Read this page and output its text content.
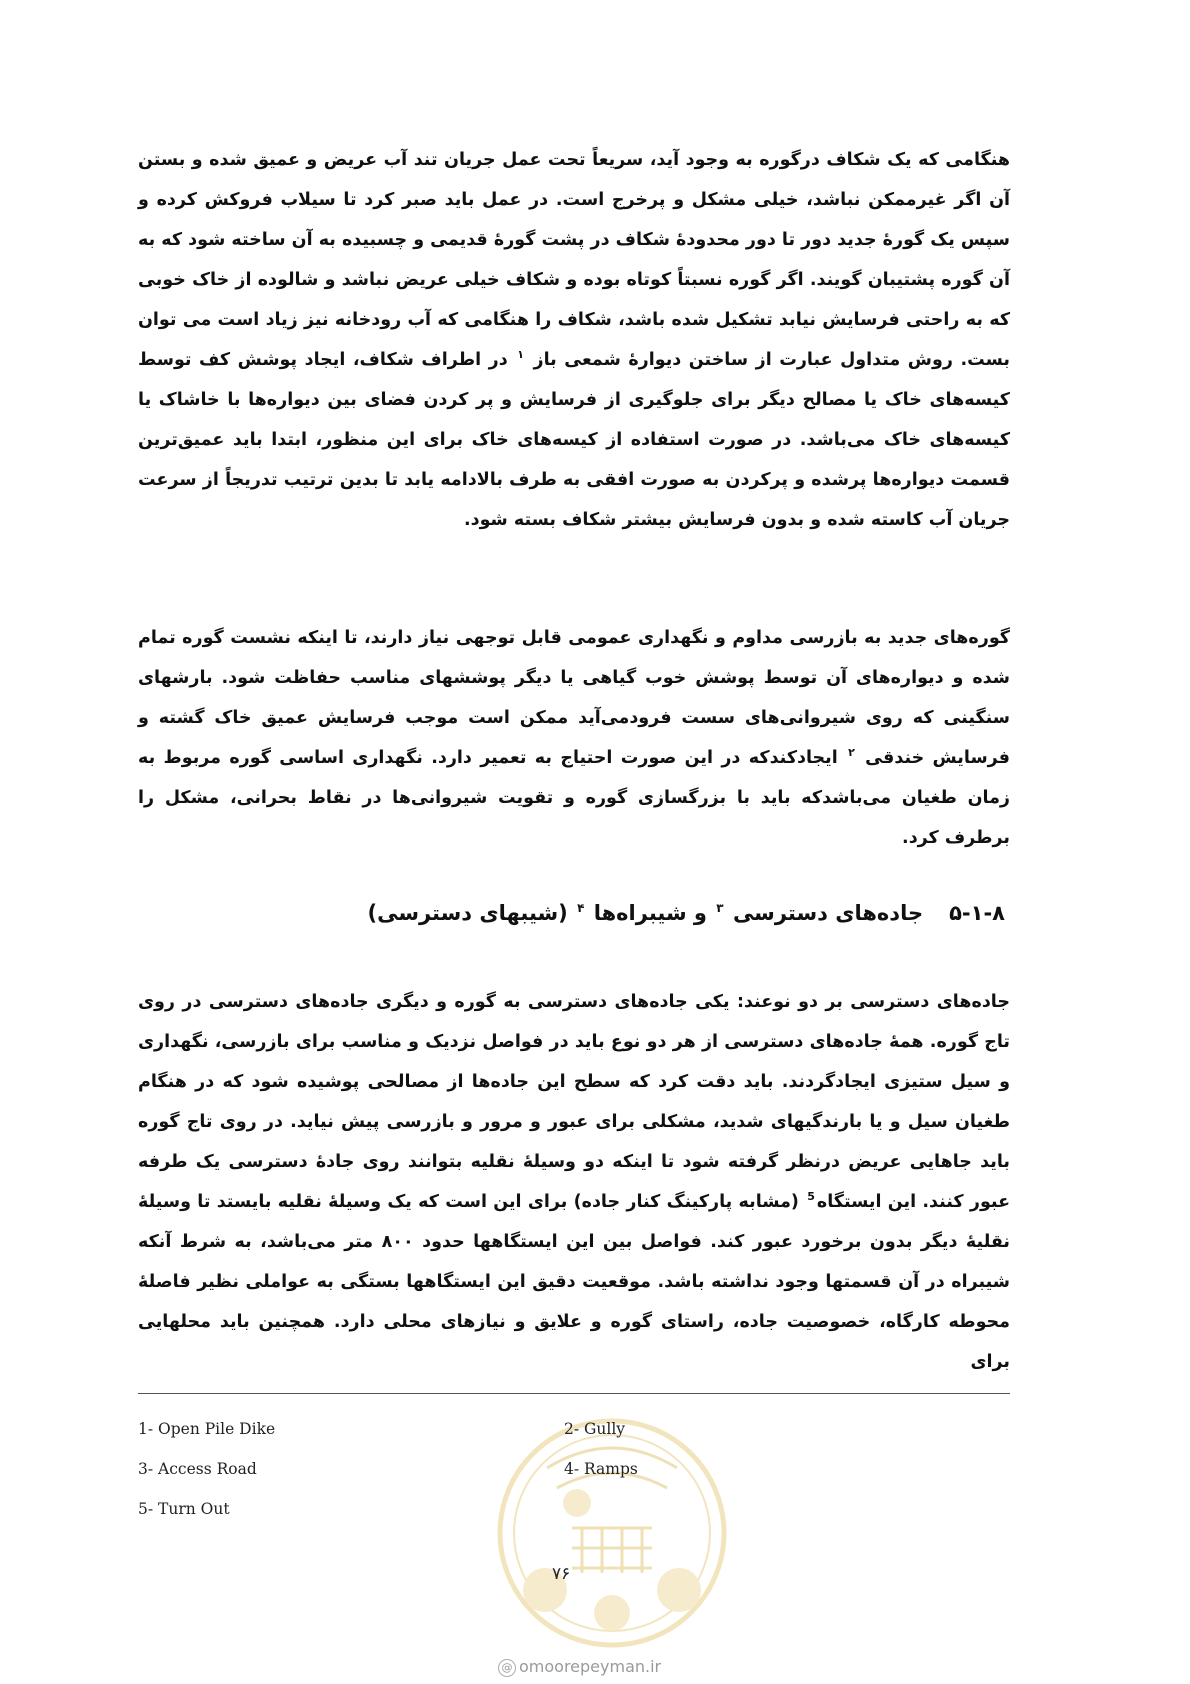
هنگامی که یک شکاف درگوره به وجود آید، سریعاً تحت عمل جریان تند آب عریض و عمیق شده و بستن آن اگر غیرممکن نباشد، خیلی مشکل و پرخرج است. در عمل باید صبر کرد تا سیلاب فروکش کرده و سپس یک گورهٔ جدید دور تا دور محدودهٔ شکاف در پشت گورهٔ قدیمی و چسبیده به آن ساخته شود که به آن گوره پشتیبان گویند. اگر گوره نسبتاً کوتاه بوده و شکاف خیلی عریض نباشد و شالوده از خاک خوبی که به راحتی فرسایش نیابد تشکیل شده باشد، شکاف را هنگامی که آب رودخانه نیز زیاد است می توان بست. روش متداول عبارت از ساختن دیوارهٔ شمعی باز $^۱$ در اطراف شکاف، ایجاد پوشش کف توسط کیسه‌های خاک یا مصالح دیگر برای جلوگیری از فرسایش و پر کردن فضای بین دیواره‌ها با خاشاک یا کیسه‌های خاک می‌باشد. در صورت استفاده از کیسه‌های خاک برای این منظور، ابتدا باید عمیق‌ترین قسمت دیواره‌ها پرشده و پرکردن به صورت افقی به طرف بالادامه یابد تا بدین ترتیب تدریجاً از سرعت جریان آب کاسته شده و بدون فرسایش بیشتر شکاف بسته شود.

گوره‌های جدید به بازرسی مداوم و نگهداری عمومی قابل توجهی نیاز دارند، تا اینکه نشست گوره تمام شده و دیواره‌های آن توسط پوشش خوب گیاهی یا دیگر پوششهای مناسب حفاظت شود. بارشهای سنگینی که روی شیروانی‌های سست فرودمی‌آید ممکن است موجب فرسایش عمیق خاک گشته و فرسایش خندقی $^۲$ ایجادکندکه در این صورت احتیاج به تعمیر دارد. نگهداری اساسی گوره مربوط به زمان طغیان می‌باشدکه باید با بزرگسازی گوره و تقویت شیروانی‌ها در نقاط بحرانی، مشکل را برطرف کرد.

۵-۱-۸جاده‌های دسترسی $^۳$ و شیبراه‌ها $^۴$ (شیبهای دسترسی)

جاده‌های دسترسی بر دو نوعند: یکی جاده‌های دسترسی به گوره و دیگری جاده‌های دسترسی در روی تاج گوره. همهٔ جاده‌های دسترسی از هر دو نوع باید در فواصل نزدیک و مناسب برای بازرسی، نگهداری و سیل ستیزی ایجادگردند. باید دقت کرد که سطح این جاده‌ها از مصالحی پوشیده شود که در هنگام طغیان سیل و یا بارندگیهای شدید، مشکلی برای عبور و مرور و بازرسی پیش نیاید. در روی تاج گوره باید جاهایی عریض درنظر گرفته شود تا اینکه دو وسیلهٔ نقلیه بتوانند روی جادهٔ دسترسی یک طرفه عبور کنند. این ایستگاه$^5$ (مشابه پارکینگ کنار جاده) برای این است که یک وسیلهٔ نقلیه بایستد تا وسیلهٔ نقلیهٔ دیگر بدون برخورد عبور کند. فواصل بین این ایستگاهها حدود ۸۰۰ متر می‌باشد، به شرط آنکه شیبراه در آن قسمتها وجود نداشته باشد. موقعیت دقیق این ایستگاهها بستگی به عواملی نظیر فاصلهٔ محوطه کارگاه، خصوصیت جاده، راستای گوره و علایق و نیازهای محلی دارد. همچنین باید محلهایی برای

1- Open Pile Dike	2- Gully
3- Access Road	4- Ramps
5- Turn Out
۷۶
@ omoorepeyman.ir
